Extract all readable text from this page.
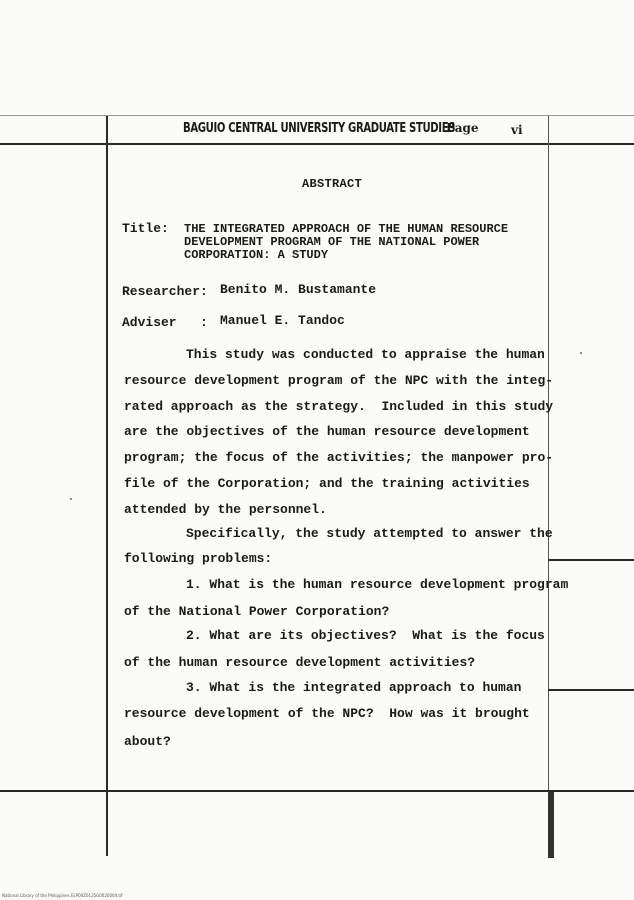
BAGUIO CENTRAL UNIVERSITY GRADUATE STUDIES
Page	vi
ABSTRACT
Title: THE INTEGRATED APPROACH OF THE HUMAN RESOURCE
DEVELOPMENT PROGRAM OF THE NATIONAL POWER
CORPORATION: A STUDY
Researcher: Benito M. Bustamante
Adviser   : Manuel E. Tandoc
This study was conducted to appraise the human
resource development program of the NPC with the integ-
rated approach as the strategy.  Included in this study
are the objectives of the human resource development
program; the focus of the activities; the manpower pro-
file of the Corporation; and the training activities
attended by the personnel.
Specifically, the study attempted to answer the
following problems:
1. What is the human resource development program
of the National Power Corporation?
2. What are its objectives?  What is the focus
of the human resource development activities?
3. What is the integrated approach to human
resource development of the NPC?  How was it brought
about?
National Library of the Philippines ELP00Z0125G0020004.tif
